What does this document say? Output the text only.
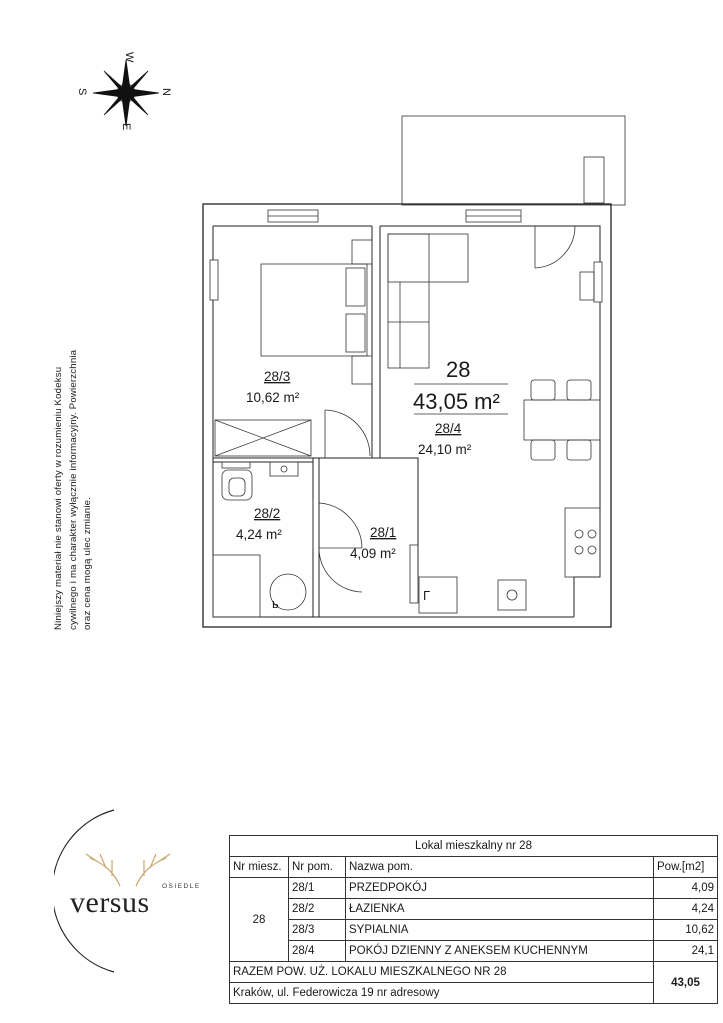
W
S	N
E
ь
Γ
28/3
10,62 m²
28/2
4,24 m²	28/1
4,09 m²
28
43,05 m²
28/4
24,10 m²
Niniejszy materiał nie stanowi oferty w rozumieniu Kodeksu cywilnego i ma charakter wyłącznie informacyjny. Powierzchnia oraz cena mogą ulec zmianie.
OSIEDLE
versus
Lokal mieszkalny nr 28			
Nr miesz.	Nr pom.	Nazwa pom.	Pow.[m2]
28	28/1	PRZEDPOKÓJ	4,09
	28/2	ŁAZIENKA	4,24
	28/3	SYPIALNIA	10,62
	28/4	POKÓJ DZIENNY Z ANEKSEM KUCHENNYM	24,1
RAZEM POW. UŻ. LOKALU MIESZKALNEGO NR 28			43,05
Kraków, ul. Federowicza 19 nr adresowy			
